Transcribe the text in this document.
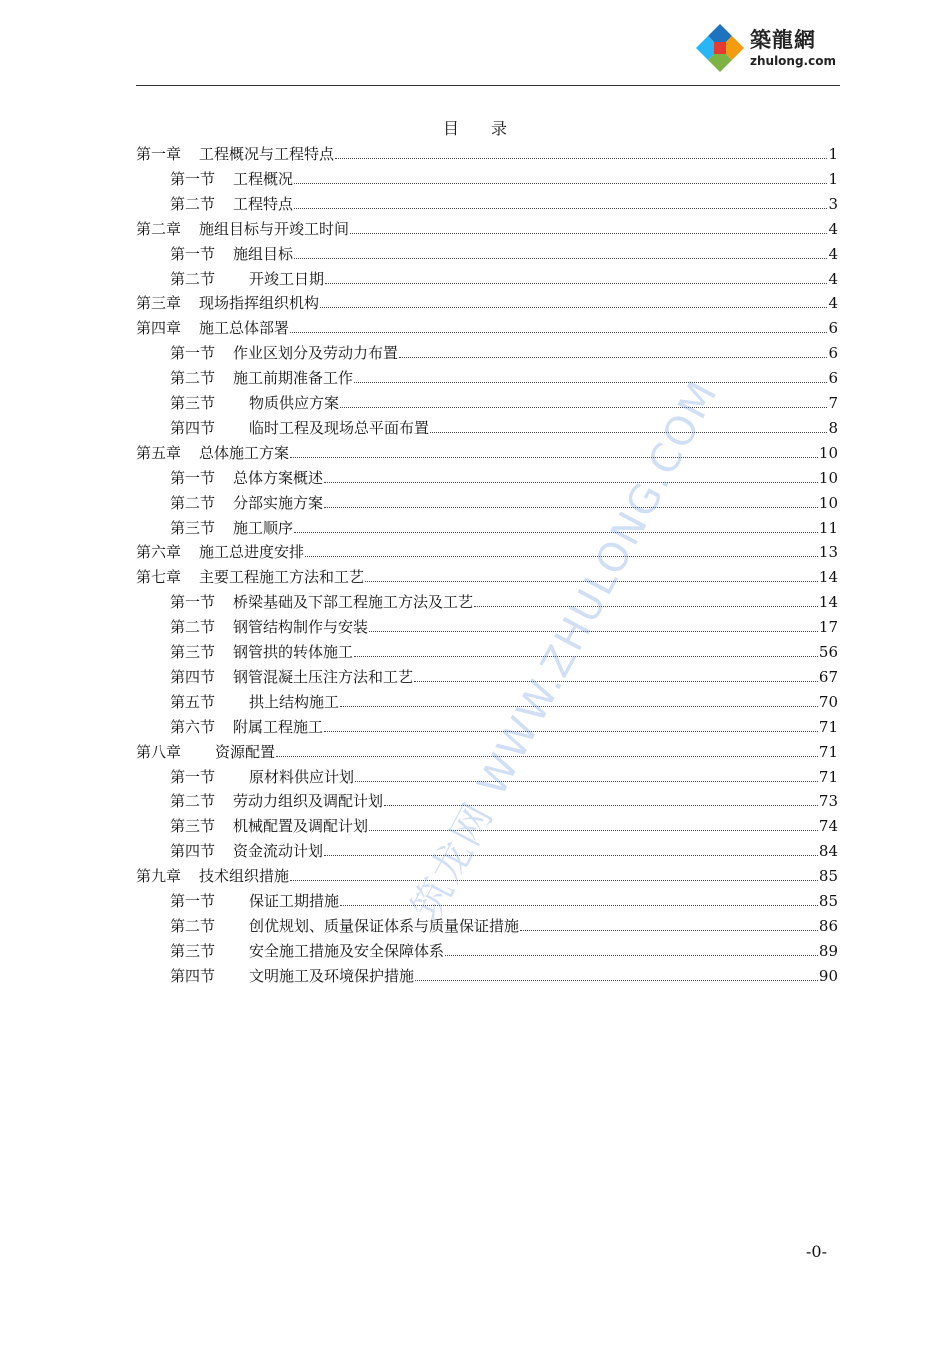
築龍網
zhulong.com
目 录
第一章 工程概况与工程特点	1
第一节 工程概况	1
第二节 工程特点	3
第二章 施组目标与开竣工时间	4
第一节 施组目标	4
第二节 开竣工日期	4
第三章 现场指挥组织机构	4
第四章 施工总体部署	6
第一节 作业区划分及劳动力布置	6
第二节 施工前期准备工作	6
第三节 物质供应方案	7
第四节 临时工程及现场总平面布置	8
第五章 总体施工方案	10
第一节 总体方案概述	10
第二节 分部实施方案	10
第三节 施工顺序	11
第六章 施工总进度安排	13
第七章 主要工程施工方法和工艺	14
第一节 桥梁基础及下部工程施工方法及工艺	14
第二节 钢管结构制作与安装	17
第三节 钢管拱的转体施工	56
第四节 钢管混凝土压注方法和工艺	67
第五节 拱上结构施工	70
第六节 附属工程施工	71
第八章 资源配置	71
第一节 原材料供应计划	71
第二节 劳动力组织及调配计划	73
第三节 机械配置及调配计划	74
第四节 资金流动计划	84
第九章 技术组织措施	85
第一节 保证工期措施	85
第二节 创优规划、质量保证体系与质量保证措施	86
第三节 安全施工措施及安全保障体系	89
第四节 文明施工及环境保护措施	90
筑龙网 WWW.ZHULONG.COM
-0-
